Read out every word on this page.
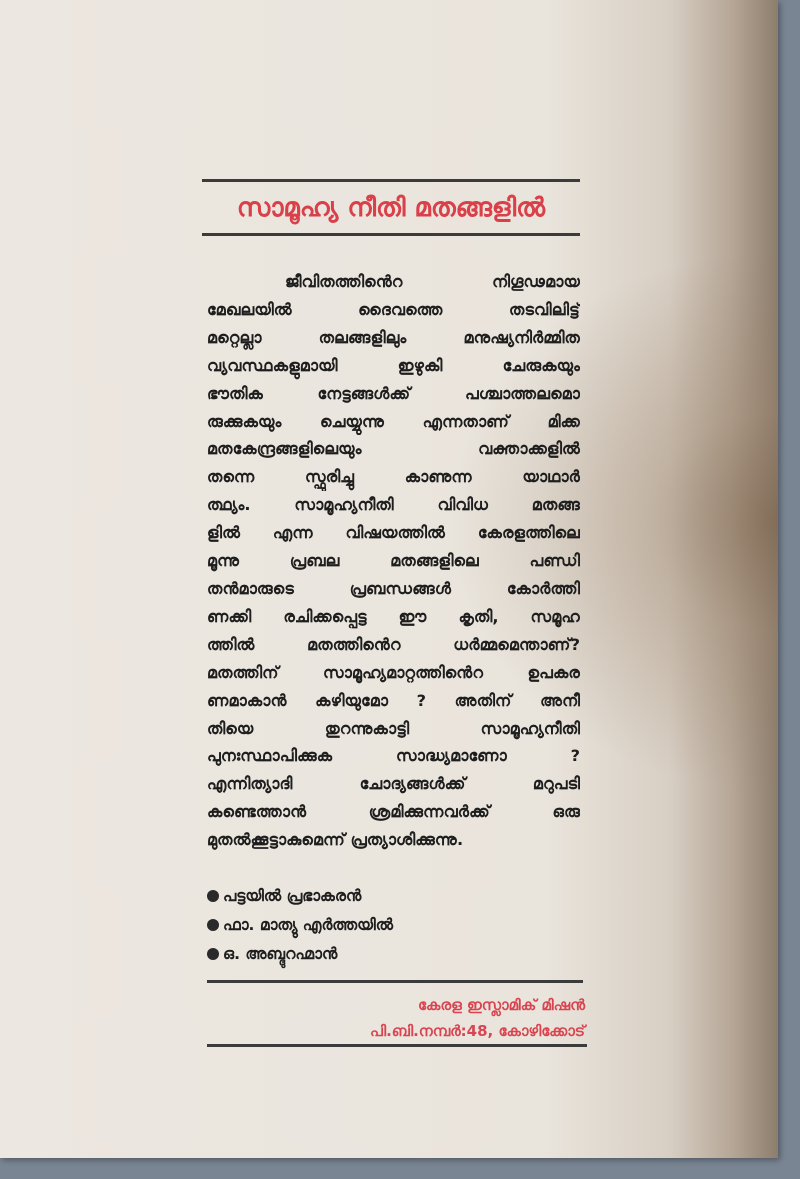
സാമൂഹ്യ നീതി മതങ്ങളിൽ
ജീവിതത്തിൻെറ നിഗൂഢമായ
മേഖലയിൽ ദൈവത്തെ തടവിലിട്ട്
മറ്റെല്ലാ തലങ്ങളിലും മനുഷ്യനിർമ്മിത
വ്യവസ്ഥകളുമായി ഇഴുകി ചേരുകയും
ഭൗതിക നേട്ടങ്ങൾക്ക് പശ്ചാത്തലമൊ
രുക്കുകയും ചെയ്യുന്നു എന്നതാണ് മിക്ക
മതകേന്ദ്രങ്ങളിലെയും വക്താക്കളിൽ
തന്നെ സ്ഫുരിച്ചു കാണുന്ന യാഥാർ
ത്ഥ്യം. സാമൂഹ്യനീതി വിവിധ മതങ്ങ
ളിൽ എന്ന വിഷയത്തിൽ കേരളത്തിലെ
മൂന്നു പ്രബല മതങ്ങളിലെ പണ്ഡി
തൻമാരുടെ പ്രബന്ധങ്ങൾ കോർത്തി
ണക്കി രചിക്കപ്പെട്ട ഈ കൃതി, സമൂഹ
ത്തിൽ മതത്തിൻെറ ധർമ്മമെന്താണ്?
മതത്തിന് സാമൂഹ്യമാറ്റത്തിൻെറ ഉപകര
ണമാകാൻ കഴിയുമോ ? അതിന് അനീ
തിയെ തുറന്നുകാട്ടി സാമൂഹ്യനീതി
പുനഃസ്ഥാപിക്കുക സാദ്ധ്യമാണോ ?
എന്നിത്യാദി ചോദ്യങ്ങൾക്ക് മറുപടി
കണ്ടെത്താൻ ശ്രമിക്കുന്നവർക്ക് ഒരു
മുതൽക്കൂട്ടാകുമെന്ന് പ്രത്യാശിക്കുന്നു.
പട്ടയിൽ പ്രഭാകരൻ
ഫാ. മാത്യു എർത്തയിൽ
ഒ. അബ്ദുറഹ്മാൻ
കേരള ഇസ്ലാമിക് മിഷൻ
പി.ബി.നമ്പർ:48, കോഴിക്കോട്
